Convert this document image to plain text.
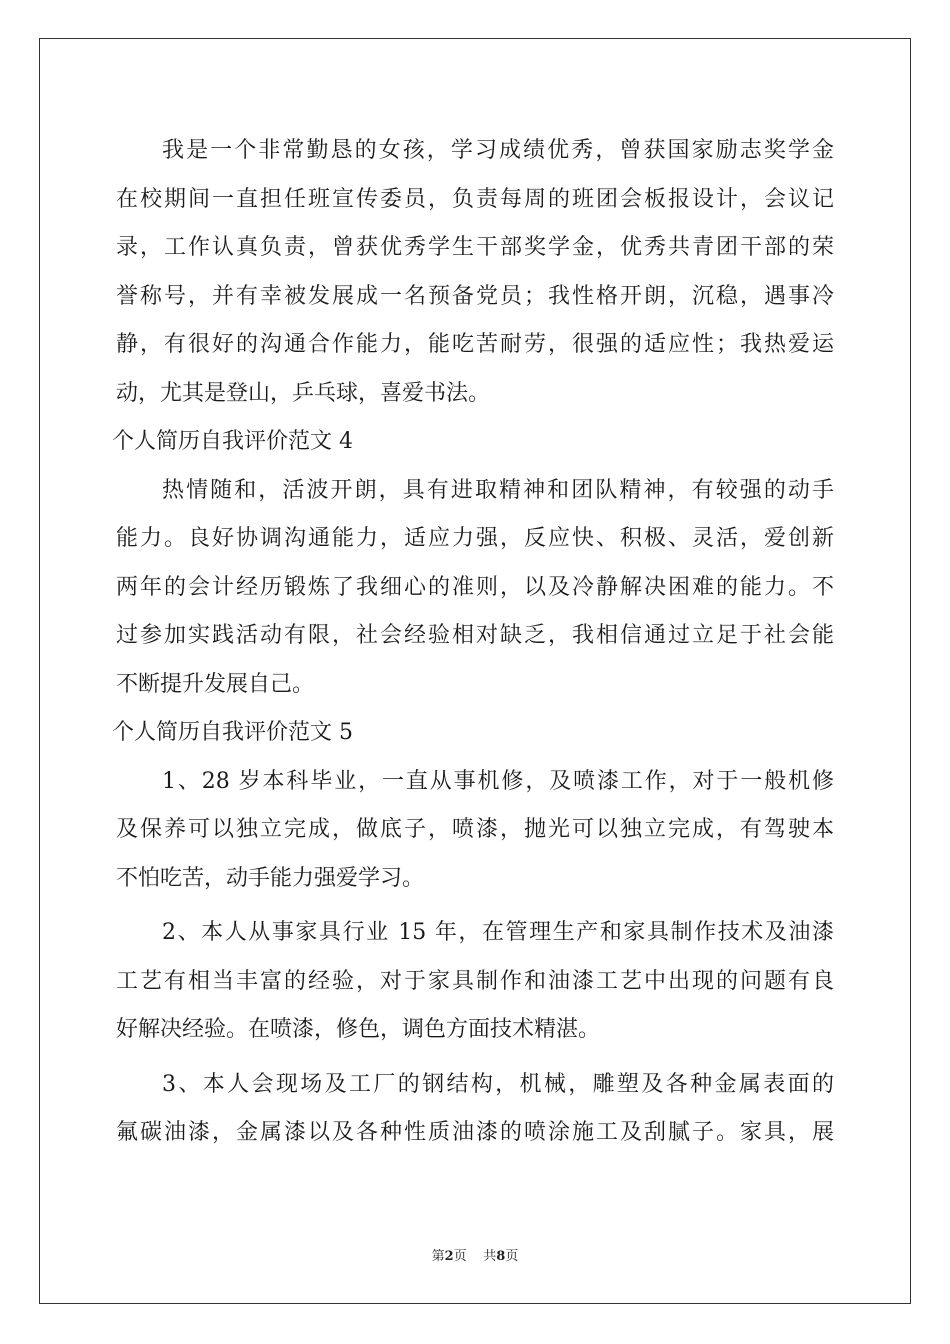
我是一个非常勤恳的女孩，学习成绩优秀，曾获国家励志奖学金
在校期间一直担任班宣传委员，负责每周的班团会板报设计，会议记
录，工作认真负责，曾获优秀学生干部奖学金，优秀共青团干部的荣
誉称号，并有幸被发展成一名预备党员；我性格开朗，沉稳，遇事冷
静，有很好的沟通合作能力，能吃苦耐劳，很强的适应性；我热爱运
动，尤其是登山，乒乓球，喜爱书法。
个人简历自我评价范文 4
热情随和，活波开朗，具有进取精神和团队精神，有较强的动手
能力。良好协调沟通能力，适应力强，反应快、积极、灵活，爱创新
两年的会计经历锻炼了我细心的准则，以及冷静解决困难的能力。不
过参加实践活动有限，社会经验相对缺乏，我相信通过立足于社会能
不断提升发展自己。
个人简历自我评价范文 5
1、28 岁本科毕业，一直从事机修，及喷漆工作，对于一般机修
及保养可以独立完成，做底子，喷漆，抛光可以独立完成，有驾驶本
不怕吃苦，动手能力强爱学习。
2、本人从事家具行业 15 年，在管理生产和家具制作技术及油漆
工艺有相当丰富的经验，对于家具制作和油漆工艺中出现的问题有良
好解决经验。在喷漆，修色，调色方面技术精湛。
3、本人会现场及工厂的钢结构，机械，雕塑及各种金属表面的
氟碳油漆，金属漆以及各种性质油漆的喷涂施工及刮腻子。家具，展
第2页 共8页
